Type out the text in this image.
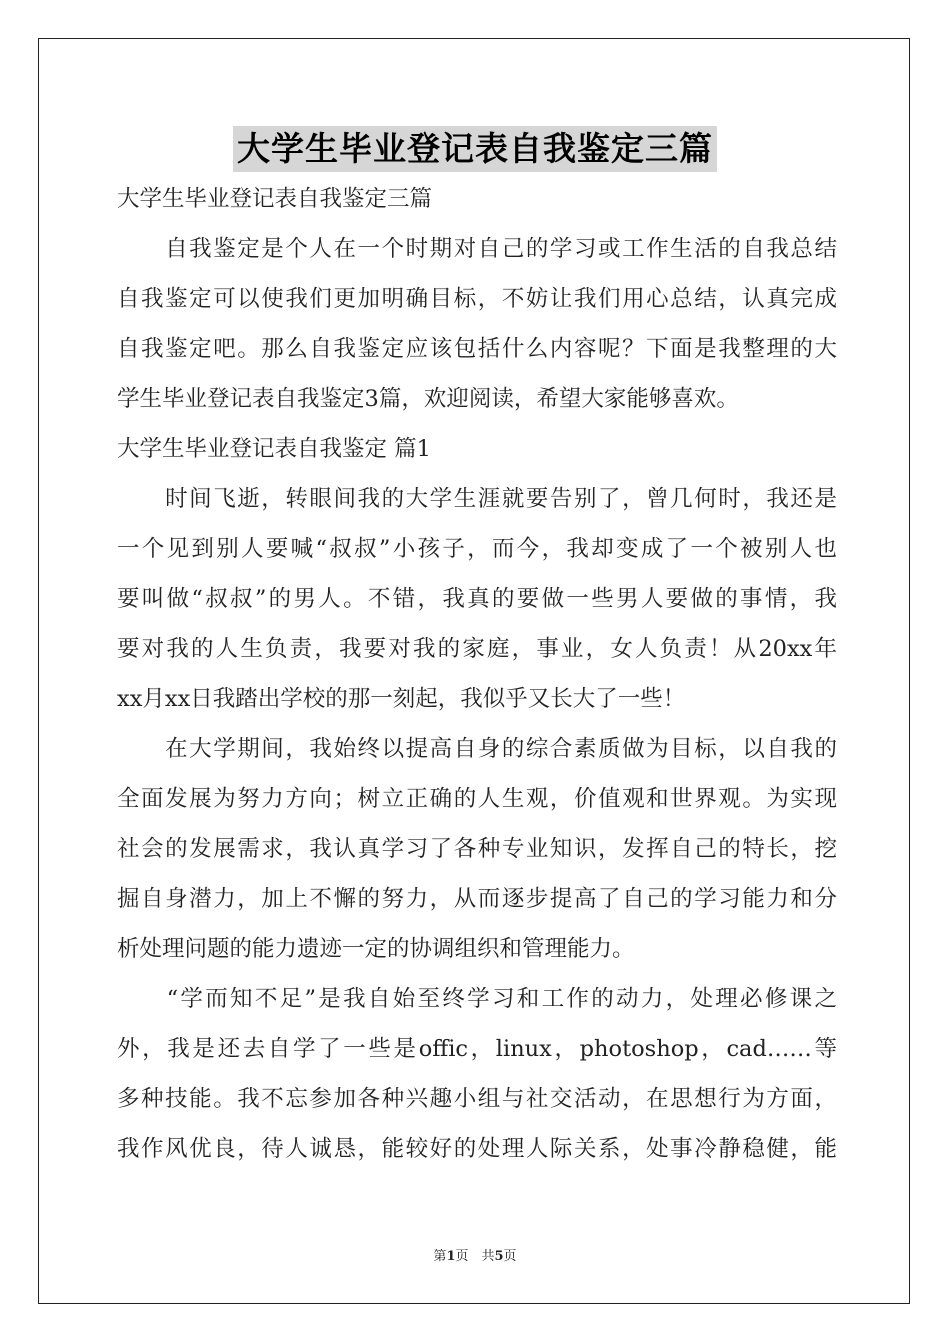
大学生毕业登记表自我鉴定三篇
大学生毕业登记表自我鉴定三篇
　　自我鉴定是个人在一个时期对自己的学习或工作生活的自我总结
自我鉴定可以使我们更加明确目标，不妨让我们用心总结，认真完成
自我鉴定吧。那么自我鉴定应该包括什么内容呢？下面是我整理的大
学生毕业登记表自我鉴定3篇，欢迎阅读，希望大家能够喜欢。
大学生毕业登记表自我鉴定 篇1
　　时间飞逝，转眼间我的大学生涯就要告别了，曾几何时，我还是
一个见到别人要喊“叔叔”小孩子，而今，我却变成了一个被别人也
要叫做“叔叔”的男人。不错，我真的要做一些男人要做的事情，我
要对我的人生负责，我要对我的家庭，事业，女人负责！从20xx年
xx月xx日我踏出学校的那一刻起，我似乎又长大了一些！
　　在大学期间，我始终以提高自身的综合素质做为目标，以自我的
全面发展为努力方向；树立正确的人生观，价值观和世界观。为实现
社会的发展需求，我认真学习了各种专业知识，发挥自己的特长，挖
掘自身潜力，加上不懈的努力，从而逐步提高了自己的学习能力和分
析处理问题的能力遗迹一定的协调组织和管理能力。
　　“学而知不足”是我自始至终学习和工作的动力，处理必修课之
外，我是还去自学了一些是offic，linux，photoshop，cad……等
多种技能。我不忘参加各种兴趣小组与社交活动，在思想行为方面，
我作风优良，待人诚恳，能较好的处理人际关系，处事冷静稳健，能
第1页　共5页
